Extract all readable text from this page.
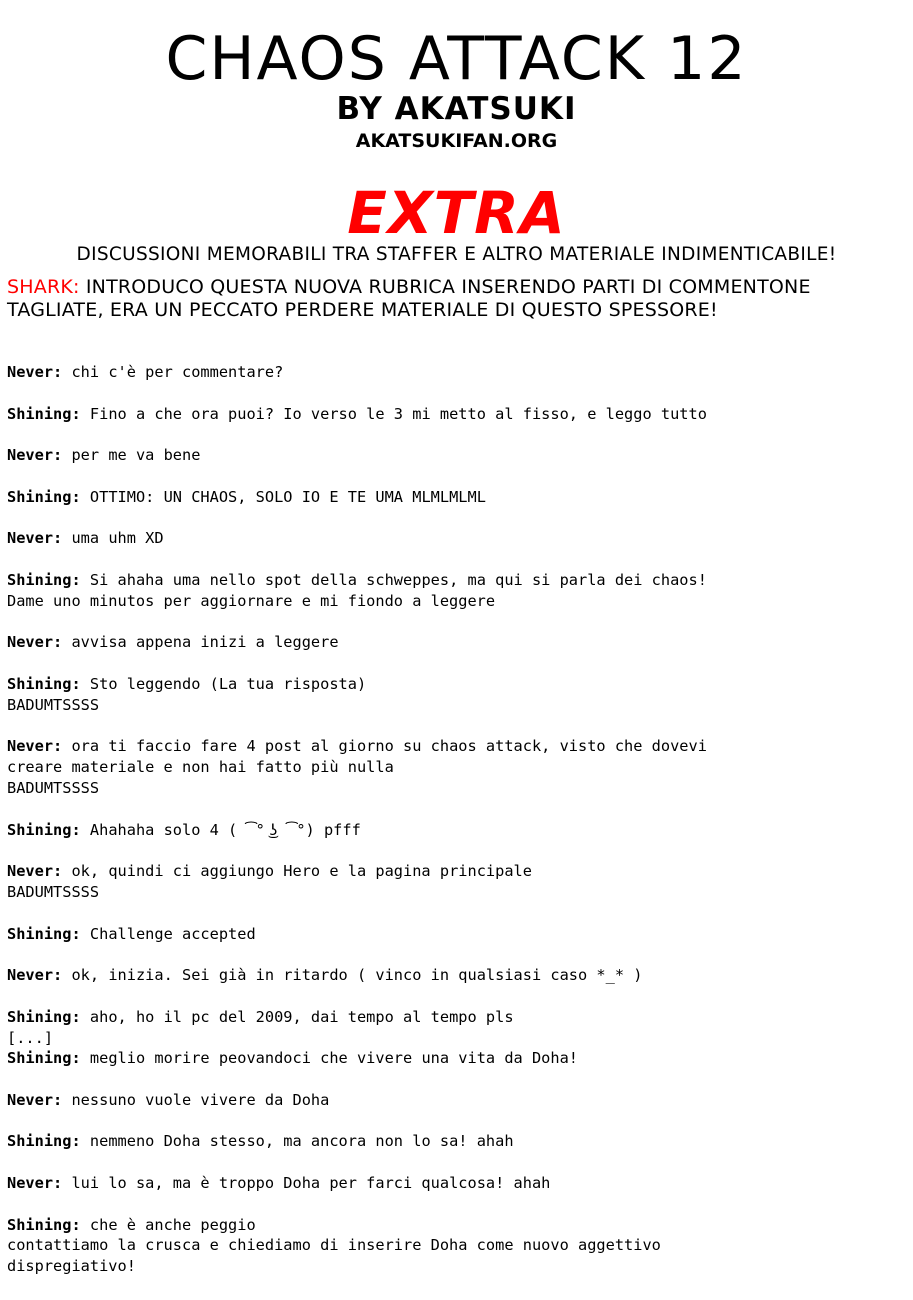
CHAOS ATTACK 12

BY AKATSUKI

AKATSUKIFAN.ORG

EXTRA

DISCUSSIONI MEMORABILI TRA STAFFER E ALTRO MATERIALE INDIMENTICABILE!

SHARK: INTRODUCO QUESTA NUOVA RUBRICA INSERENDO PARTI DI COMMENTONE TAGLIATE, ERA UN PECCATO PERDERE MATERIALE DI QUESTO SPESSORE!

Never: chi c'è per commentare?

Shining: Fino a che ora puoi? Io verso le 3 mi metto al fisso, e leggo tutto

Never: per me va bene

Shining: OTTIMO: UN CHAOS, SOLO IO E TE UMA MLMLMLML

Never: uma uhm XD

Shining: Si ahaha uma nello spot della schweppes, ma qui si parla dei chaos!
Dame uno minutos per aggiornare e mi fiondo a leggere

Never: avvisa appena inizi a leggere

Shining: Sto leggendo (La tua risposta)
BADUMTSSSS

Never: ora ti faccio fare 4 post al giorno su chaos attack, visto che dovevi
creare materiale e non hai fatto più nulla
BADUMTSSSS

Shining: Ahahaha solo 4 ( ͡° ͜ʖ ͡°) pfff

Never: ok, quindi ci aggiungo Hero e la pagina principale
BADUMTSSSS

Shining: Challenge accepted

Never: ok, inizia. Sei già in ritardo ( vinco in qualsiasi caso *_* )

Shining: aho, ho il pc del 2009, dai tempo al tempo pls
[...]

Shining: meglio morire peovandoci che vivere una vita da Doha!

Never: nessuno vuole vivere da Doha

Shining: nemmeno Doha stesso, ma ancora non lo sa! ahah

Never: lui lo sa, ma è troppo Doha per farci qualcosa! ahah

Shining: che è anche peggio
contattiamo la crusca e chiediamo di inserire Doha come nuovo aggettivo
dispregiativo!
